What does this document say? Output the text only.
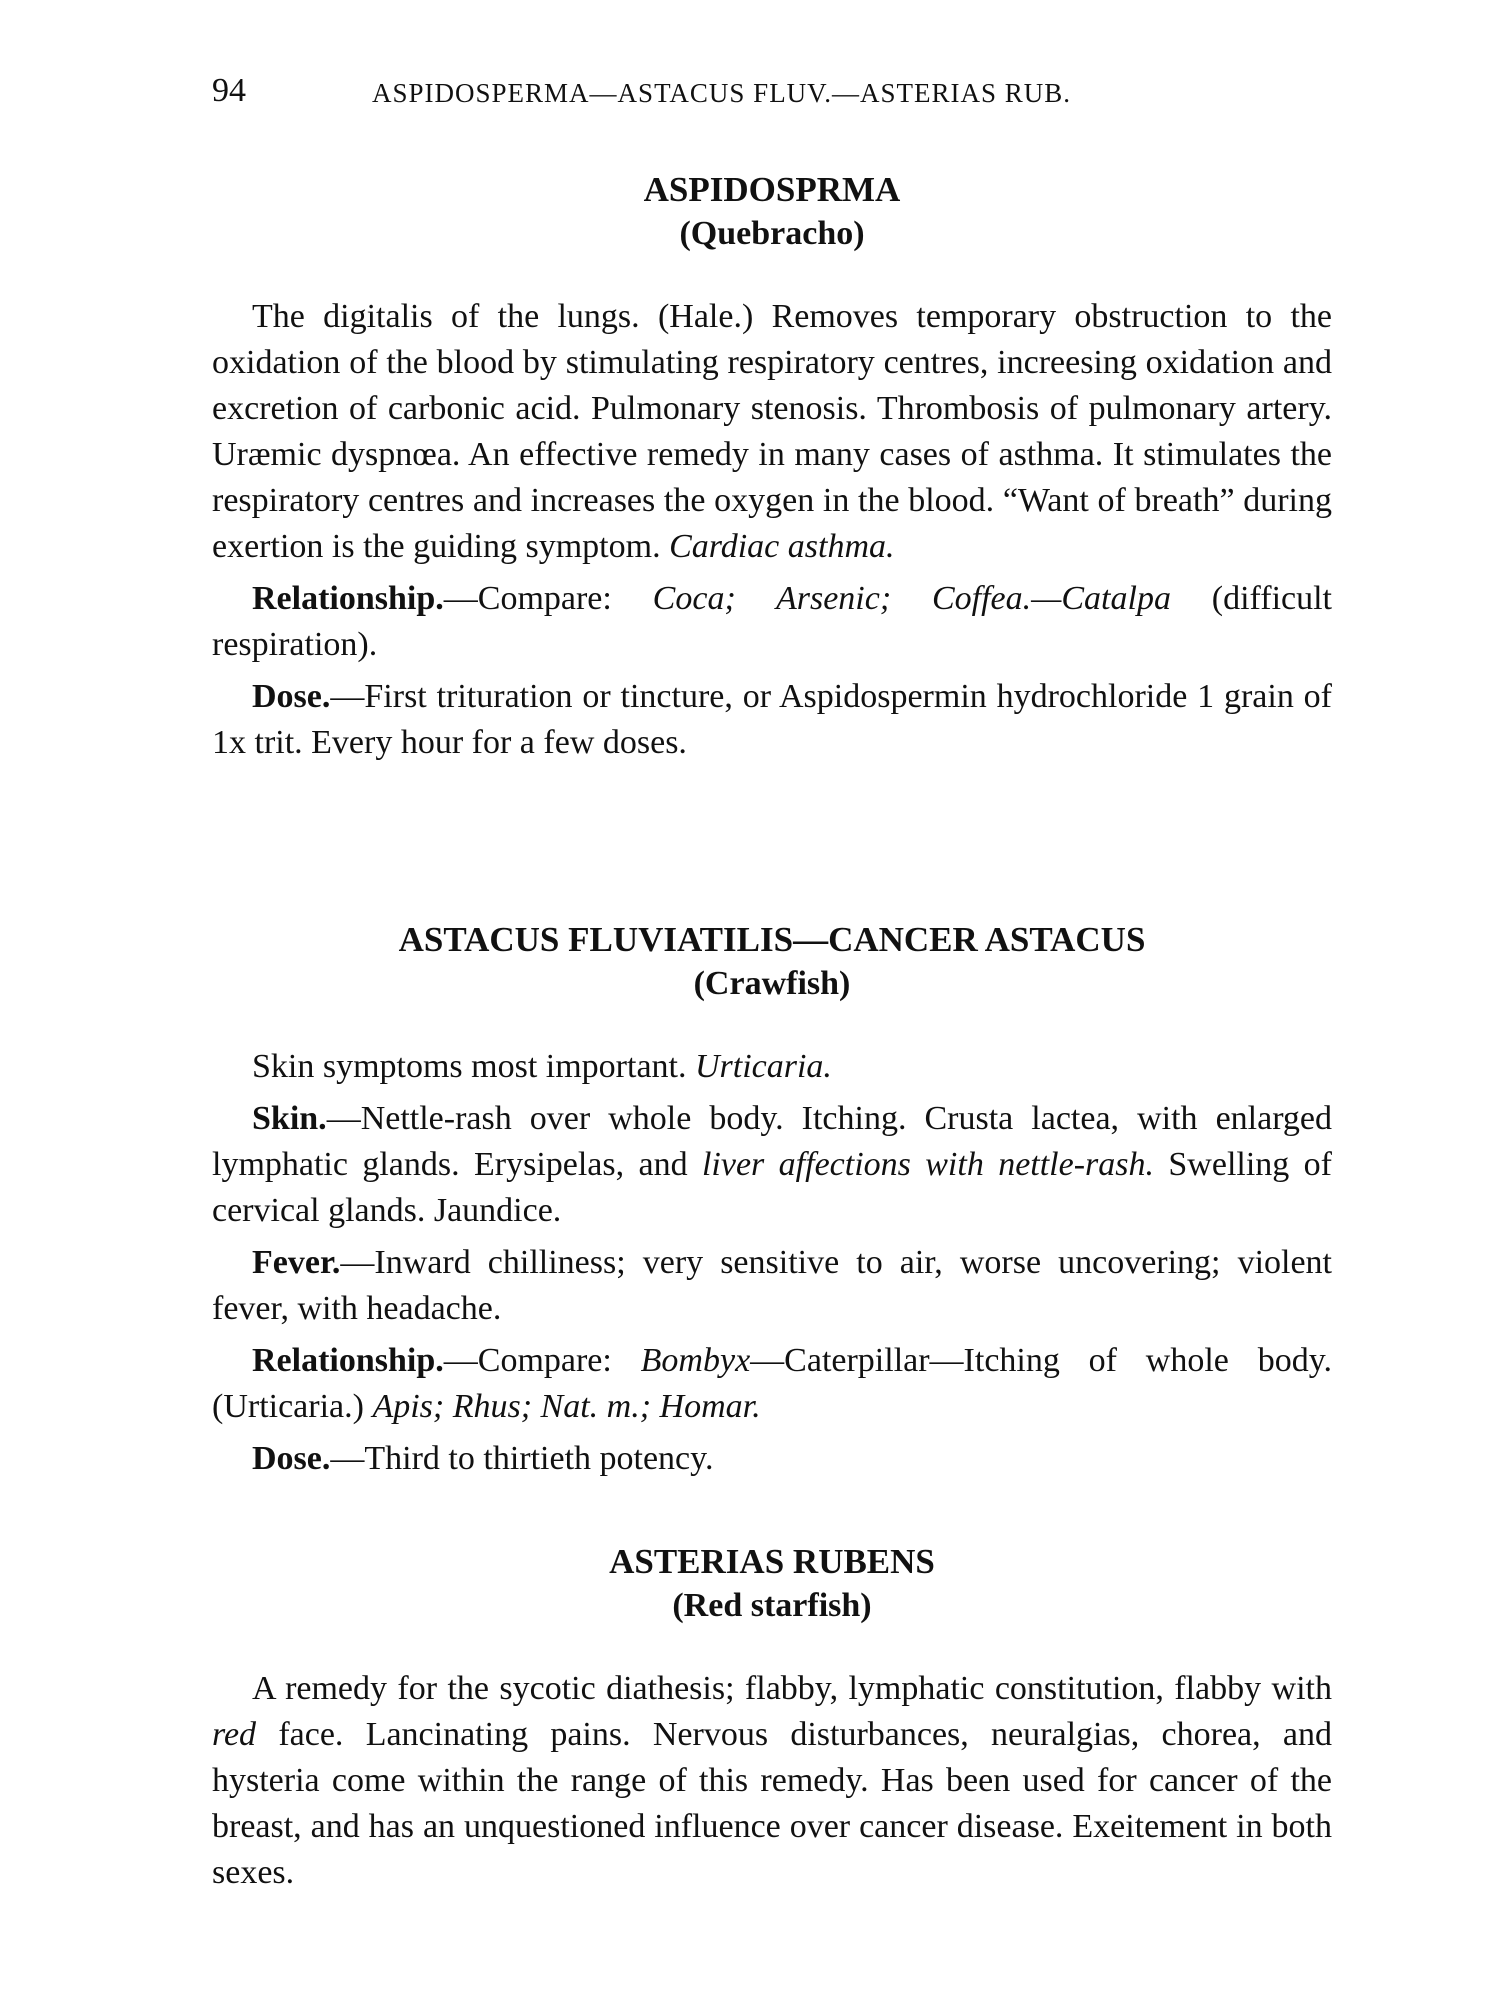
94	ASPIDOSPERMA—ASTACUS FLUV.—ASTERIAS RUB.

ASPIDOSPRMA

(Quebracho)

The digitalis of the lungs. (Hale.) Removes temporary obstruction to the oxidation of the blood by stimulating respiratory centres, increesing oxidation and excretion of carbonic acid. Pulmonary stenosis. Thrombosis of pulmonary artery. Uræmic dyspnœa. An effective remedy in many cases of asthma. It stimulates the respiratory centres and increases the oxygen in the blood. “Want of breath” during exertion is the guiding symptom. Cardiac asthma.

Relationship.—Compare: Coca; Arsenic; Coffea.—Catalpa (difficult respiration).

Dose.—First trituration or tincture, or Aspidospermin hydrochloride 1 grain of 1x trit. Every hour for a few doses.

ASTACUS FLUVIATILIS—CANCER ASTACUS

(Crawfish)

Skin symptoms most important. Urticaria.

Skin.—Nettle-rash over whole body. Itching. Crusta lactea, with enlarged lymphatic glands. Erysipelas, and liver affections with nettle-rash. Swelling of cervical glands. Jaundice.

Fever.—Inward chilliness; very sensitive to air, worse uncovering; violent fever, with headache.

Relationship.—Compare: Bombyx—Caterpillar—Itching of whole body. (Urticaria.) Apis; Rhus; Nat. m.; Homar.

Dose.—Third to thirtieth potency.

ASTERIAS RUBENS

(Red starfish)

A remedy for the sycotic diathesis; flabby, lymphatic constitution, flabby with red face. Lancinating pains. Nervous disturbances, neuralgias, chorea, and hysteria come within the range of this remedy. Has been used for cancer of the breast, and has an unquestioned influence over cancer disease. Exeitement in both sexes.
